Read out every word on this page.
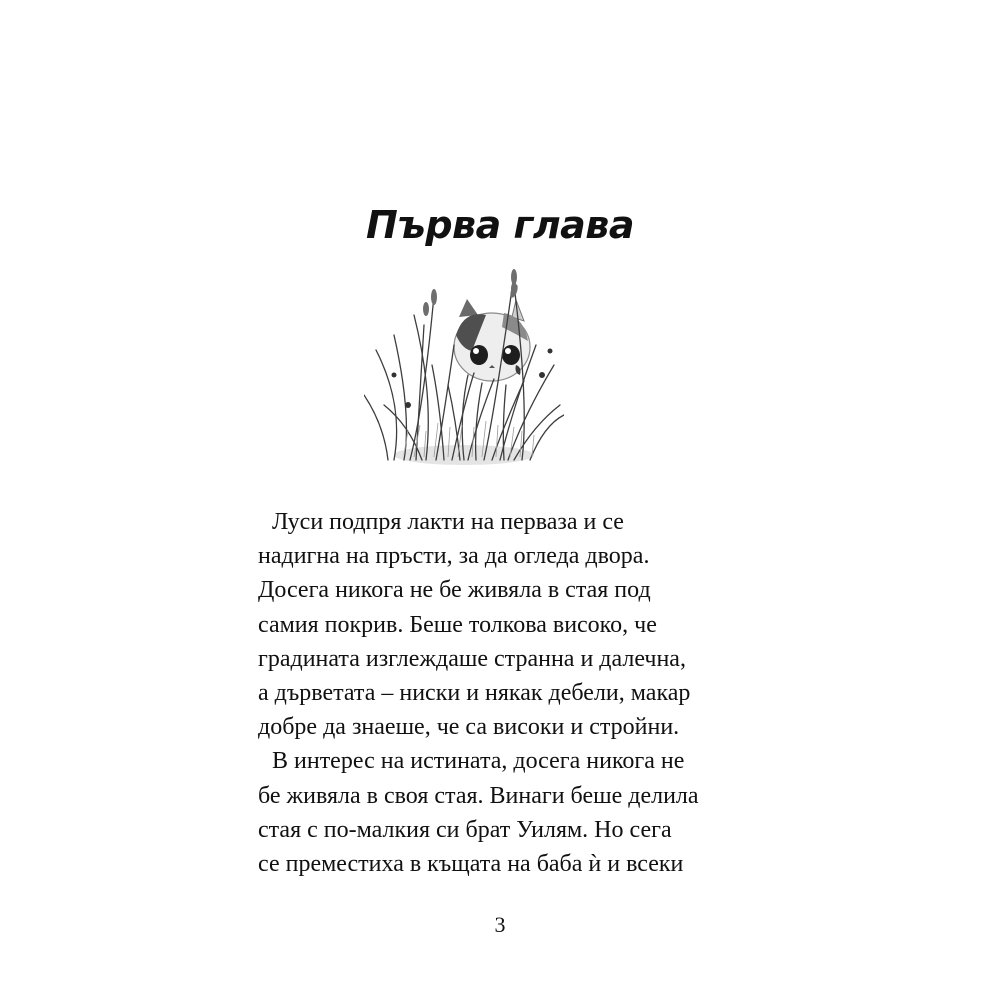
Първа глава
Луси подпря лакти на перваза и се
надигна на пръсти, за да огледа двора.
Досега никога не бе живяла в стая под
самия покрив. Беше толкова високо, че
градината изглеждаше странна и далечна,
а дърветата – ниски и някак дебели, макар
добре да знаеше, че са високи и стройни.
В интерес на истината, досега никога не
бе живяла в своя стая. Винаги беше делила
стая с по-малкия си брат Уилям. Но сега
се преместиха в къщата на баба ѝ и всеки
3
